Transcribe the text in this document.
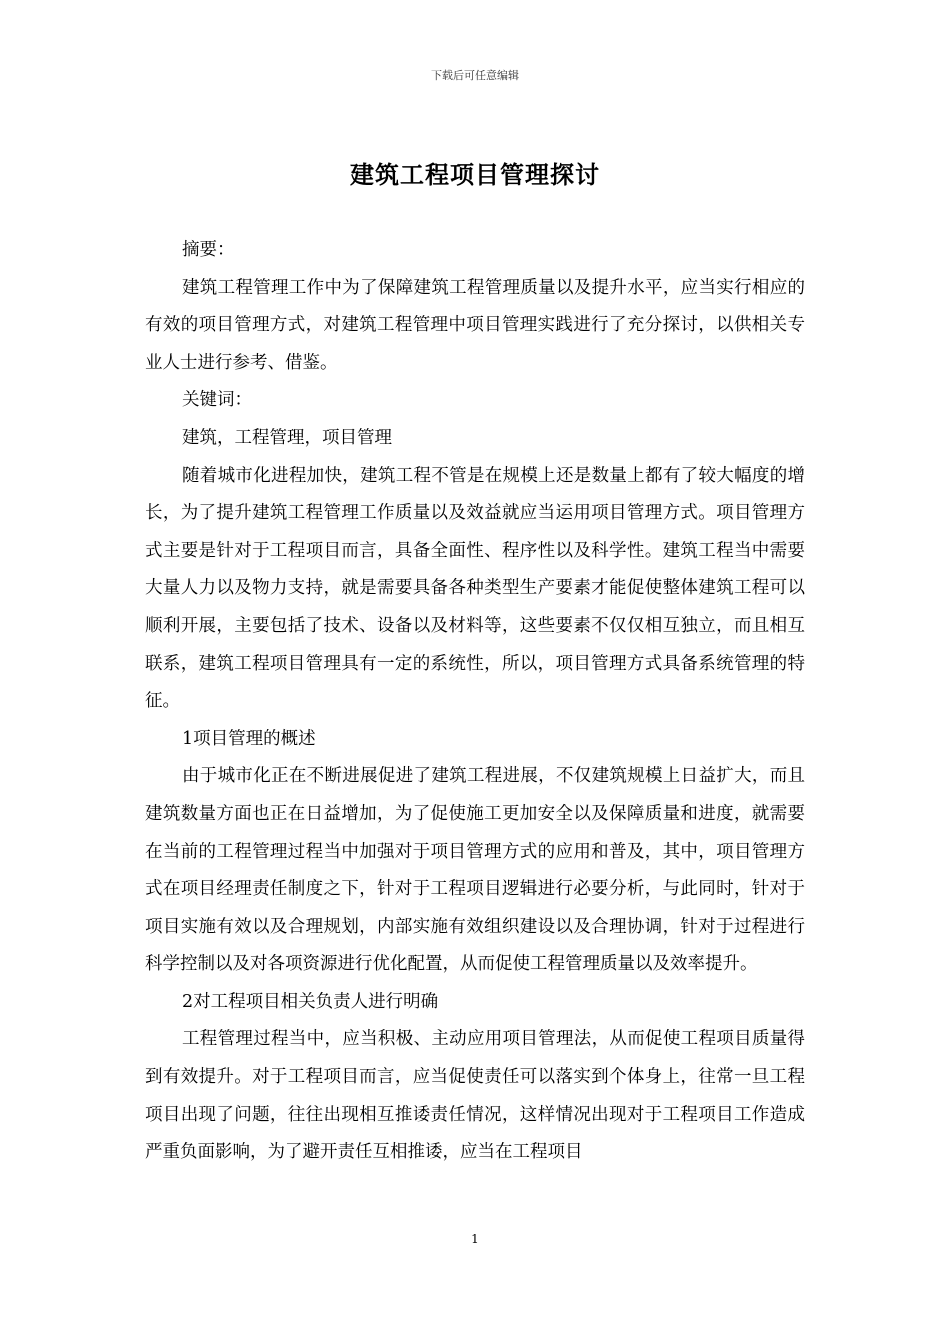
下载后可任意编辑
建筑工程项目管理探讨

摘要：

建筑工程管理工作中为了保障建筑工程管理质量以及提升水平，应当实行相应的有效的项目管理方式，对建筑工程管理中项目管理实践进行了充分探讨，以供相关专业人士进行参考、借鉴。

关键词：

建筑，工程管理，项目管理

随着城市化进程加快，建筑工程不管是在规模上还是数量上都有了较大幅度的增长，为了提升建筑工程管理工作质量以及效益就应当运用项目管理方式。项目管理方式主要是针对于工程项目而言，具备全面性、程序性以及科学性。建筑工程当中需要大量人力以及物力支持，就是需要具备各种类型生产要素才能促使整体建筑工程可以顺利开展，主要包括了技术、设备以及材料等，这些要素不仅仅相互独立，而且相互联系，建筑工程项目管理具有一定的系统性，所以，项目管理方式具备系统管理的特征。

1项目管理的概述

由于城市化正在不断进展促进了建筑工程进展，不仅建筑规模上日益扩大，而且建筑数量方面也正在日益增加，为了促使施工更加安全以及保障质量和进度，就需要在当前的工程管理过程当中加强对于项目管理方式的应用和普及，其中，项目管理方式在项目经理责任制度之下，针对于工程项目逻辑进行必要分析，与此同时，针对于项目实施有效以及合理规划，内部实施有效组织建设以及合理协调，针对于过程进行科学控制以及对各项资源进行优化配置，从而促使工程管理质量以及效率提升。

2对工程项目相关负责人进行明确

工程管理过程当中，应当积极、主动应用项目管理法，从而促使工程项目质量得到有效提升。对于工程项目而言，应当促使责任可以落实到个体身上，往常一旦工程项目出现了问题，往往出现相互推诿责任情况，这样情况出现对于工程项目工作造成严重负面影响，为了避开责任互相推诿，应当在工程项目

1
